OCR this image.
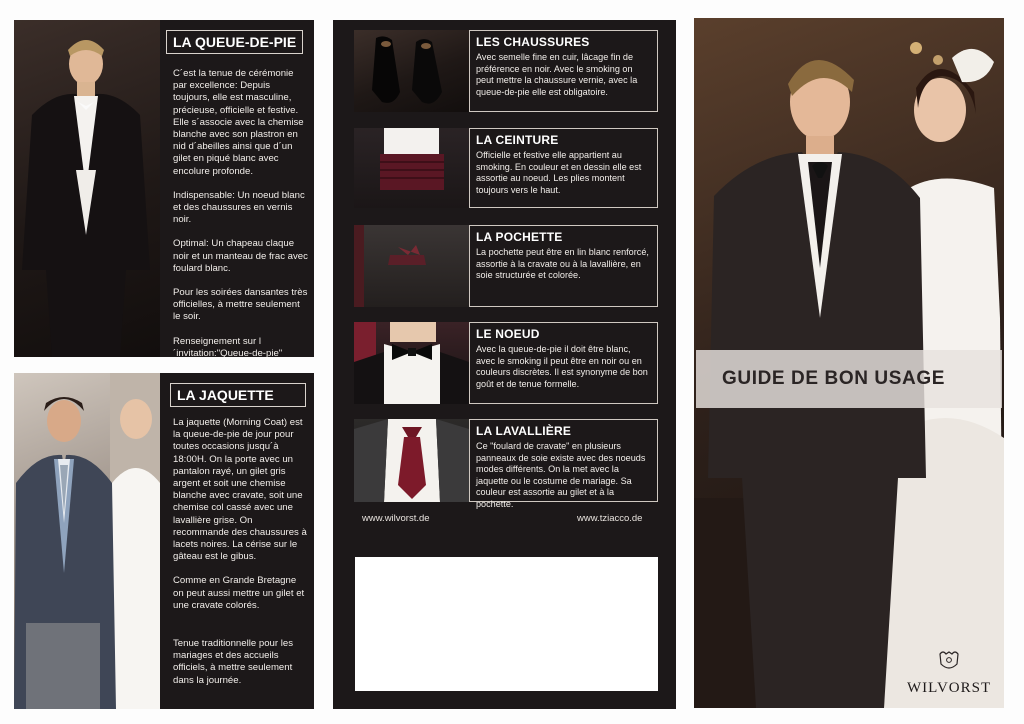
LA QUEUE-DE-PIE

C´est la tenue de cérémonie par excellence: Depuis toujours, elle est masculine, précieuse, officielle et festive. Elle s´associe avec la chemise blanche avec son plastron en nid d´abeilles ainsi que d´un gilet en piqué blanc avec encolure profonde.

Indispensable: Un noeud blanc et des chaussures en vernis noir.

Optimal: Un chapeau claque noir et un manteau de frac avec foulard blanc.

Pour les soirées dansantes très officielles, à mettre seulement le soir.

Renseignement sur l´invitation:"Queue-de-pie"

LA JAQUETTE

La jaquette (Morning Coat) est la queue-de-pie de jour pour toutes occasions jusqu´à 18:00H. On la porte avec un pantalon rayé, un gilet gris argent et soit une chemise blanche avec cravate, soit une chemise col cassé avec une lavallière grise. On recommande des chaussures à lacets noires. La cérise sur le gâteau est le gibus.

Comme en Grande Bretagne on peut aussi mettre un gilet et une cravate colorés.

Tenue traditionnelle pour les mariages et des accueils officiels, à mettre seulement dans la journée.

LES CHAUSSURES
Avec semelle fine en cuir, lâcage fin de préférence en noir. Avec le smoking on peut mettre la chaussure vernie, avec la queue-de-pie elle est obligatoire.
LA CEINTURE
Officielle et festive elle appartient au smoking. En couleur et en dessin elle est assortie au noeud. Les plies montent toujours vers le haut.
LA POCHETTE
La pochette peut être en lin blanc renforcé, assortie à la cravate ou à la lavallière, en soie structurée et colorée.
LE NOEUD
Avec la queue-de-pie il doit être blanc, avec le smoking il peut être en noir ou en couleurs discrètes. Il est synonyme de bon goût et de tenue formelle.
LA LAVALLIÈRE
Ce "foulard de cravate" en plusieurs panneaux de soie existe avec des noeuds modes différents. On la met avec la jaquette ou le costume de mariage. Sa couleur est assortie au gilet et à la pochette.
www.wilvorst.de	www.tziacco.de
GUIDE DE BON USAGE
WILVORST
